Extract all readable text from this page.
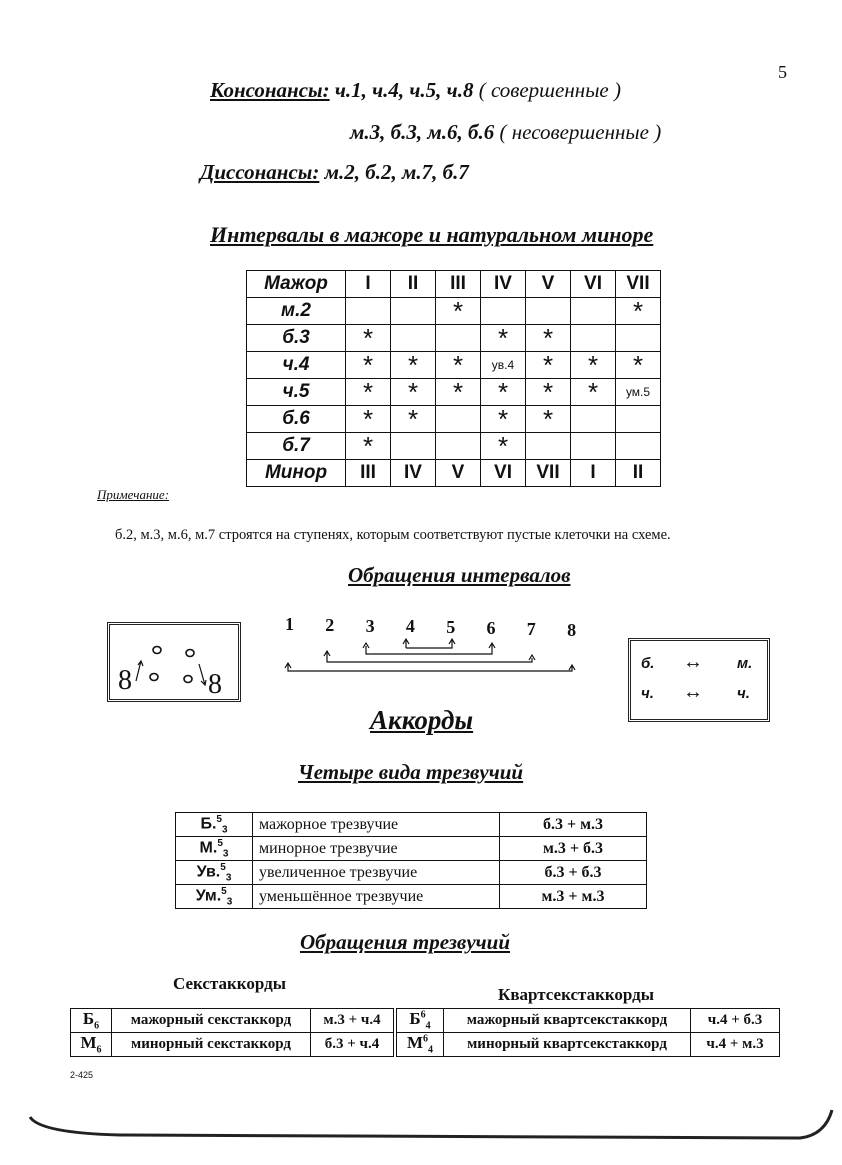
5
Консонансы: ч.1, ч.4, ч.5, ч.8 ( совершенные )
м.3, б.3, м.6, б.6 ( несовершенные )
Диссонансы: м.2, б.2, м.7, б.7
Интервалы в мажоре и натуральном миноре
Мажор	I	II	III	IV	V	VI	VII
м.2			*				*
б.3	*			*	*		
ч.4	*	*	*	ув.4	*	*	*
ч.5	*	*	*	*	*	*	ум.5
б.6	*	*		*	*		
б.7	*			*			
Минор	III	IV	V	VI	VII	I	II
Примечание:
б.2, м.3, м.6, м.7 строятся на ступенях, которым соответствуют пустые клеточки на схеме.
Обращения интервалов
8	8
1 2 3 4 5 6 7 8
б. ↔ м.
ч. ↔ ч.
Аккорды
Четыре вида трезвучий
Б.$^5_3$	мажорное трезвучие	б.3 + м.3
М.$^5_3$	минорное трезвучие	м.3 + б.3
Ув.$^5_3$	увеличенное трезвучие	б.3 + б.3
Ум.$^5_3$	уменьшённое трезвучие	м.3 + м.3
Обращения трезвучий
Секстаккорды
Квартсекстаккорды
$Б_6$	мажорный секстаккорд	м.3 + ч.4	$Б^6_4$	мажорный квартсекстаккорд	ч.4 + б.3
$М_6$	минорный секстаккорд	б.3 + ч.4	$М^6_4$	минорный квартсекстаккорд	ч.4 + м.3
2-425
